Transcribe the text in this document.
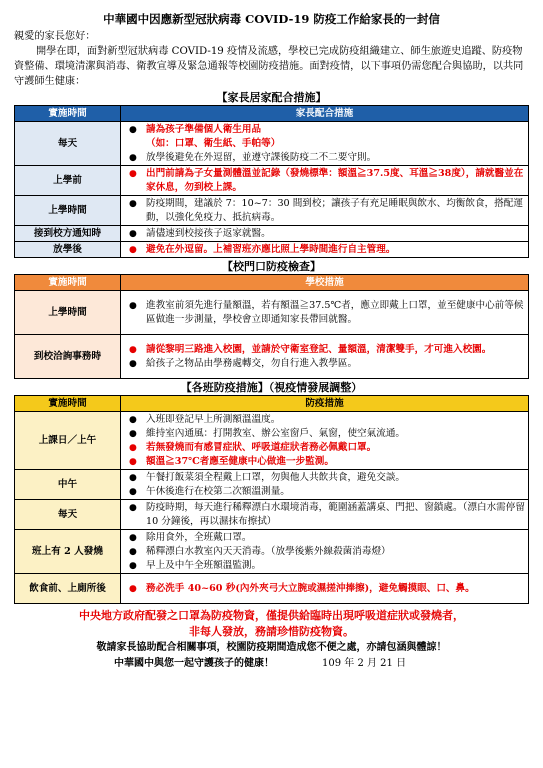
中華國中因應新型冠狀病毒 COVID-19 防疫工作給家長的一封信
親愛的家長您好：
開學在即，面對新型冠狀病毒 COVID-19 疫情及流感，學校已完成防疫組織建立、師生旅遊史追蹤、防疫物資整備、環境清潔與消毒、衛教宣導及緊急通報等校園防疫措施。面對疫情，以下事項仍需您配合與協助，以共同守護師生健康：
【家長居家配合措施】
實施時間	家長配合措施
每天	● 請為孩子準備個人衛生用品
（如：口罩、衛生紙、手帕等）
● 放學後避免在外逗留，並遵守課後防疫二不二要守則。

上學前	● 出門前請為子女量測體溫並記錄（發燒標準：額溫≧37.5度、耳溫≧38度），請就醫並在家休息，勿到校上課。

上學時間	● 防疫期間，建議於 7：10~7：30 間到校；讓孩子有充足睡眠與飲水、均衡飲食，搭配運動，以強化免疫力、抵抗病毒。

接到校方通知時	● 請儘速到校接孩子返家就醫。

放學後	● 避免在外逗留。上補習班亦應比照上學時間進行自主管理。
【校門口防疫檢查】
實施時間	學校措施
上學時間	● 進教室前須先進行量額溫，若有額溫≧37.5℃者，應立即戴上口罩，並至健康中心前等候區做進一步測量，學校會立即通知家長帶回就醫。

到校洽詢事務時	● 請從黎明三路進入校園，並請於守衛室登記、量額溫，清潔雙手，才可進入校園。
● 給孩子之物品由學務處轉交，勿自行進入教學區。
【各班防疫措施】（視疫情發展調整）
實施時間	防疫措施
上課日／上午	● 入班即登記早上所測額溫溫度。
● 維持室內通風：打開教室、辦公室窗戶、氣窗，使空氣流通。
● 若無發燒而有感冒症狀、呼吸道症狀者務必佩戴口罩。
● 額溫≧37℃者應至健康中心做進一步監測。

中午	● 午餐打飯菜須全程戴上口罩，勿與他人共飲共食，避免交談。
● 午休後進行在校第二次額溫測量。

每天	● 防疫時期，每天進行稀釋漂白水環境消毒，範圍涵蓋講桌、門把、窗鎖處。（漂白水需停留 10 分鐘後，再以濕抹布擦拭）

班上有 2 人發燒	● 除用食外，全班戴口罩。
● 稀釋漂白水教室內天天消毒。（放學後紫外線殺菌消毒燈）
● 早上及中午全班額溫監測。

飲食前、上廁所後	● 務必洗手 40~60 秒(內外夾弓大立腕或濕搓沖捧擦)，避免觸摸眼、口、鼻。
中央地方政府配發之口罩為防疫物資，僅提供給臨時出現呼吸道症狀或發燒者，
非每人發放，務請珍惜防疫物資。
敬請家長協助配合相關事項，校園防疫期間造成您不便之處，亦請包涵與體諒！
中華國中與您一起守護孩子的健康！	109 年 2 月 21 日
